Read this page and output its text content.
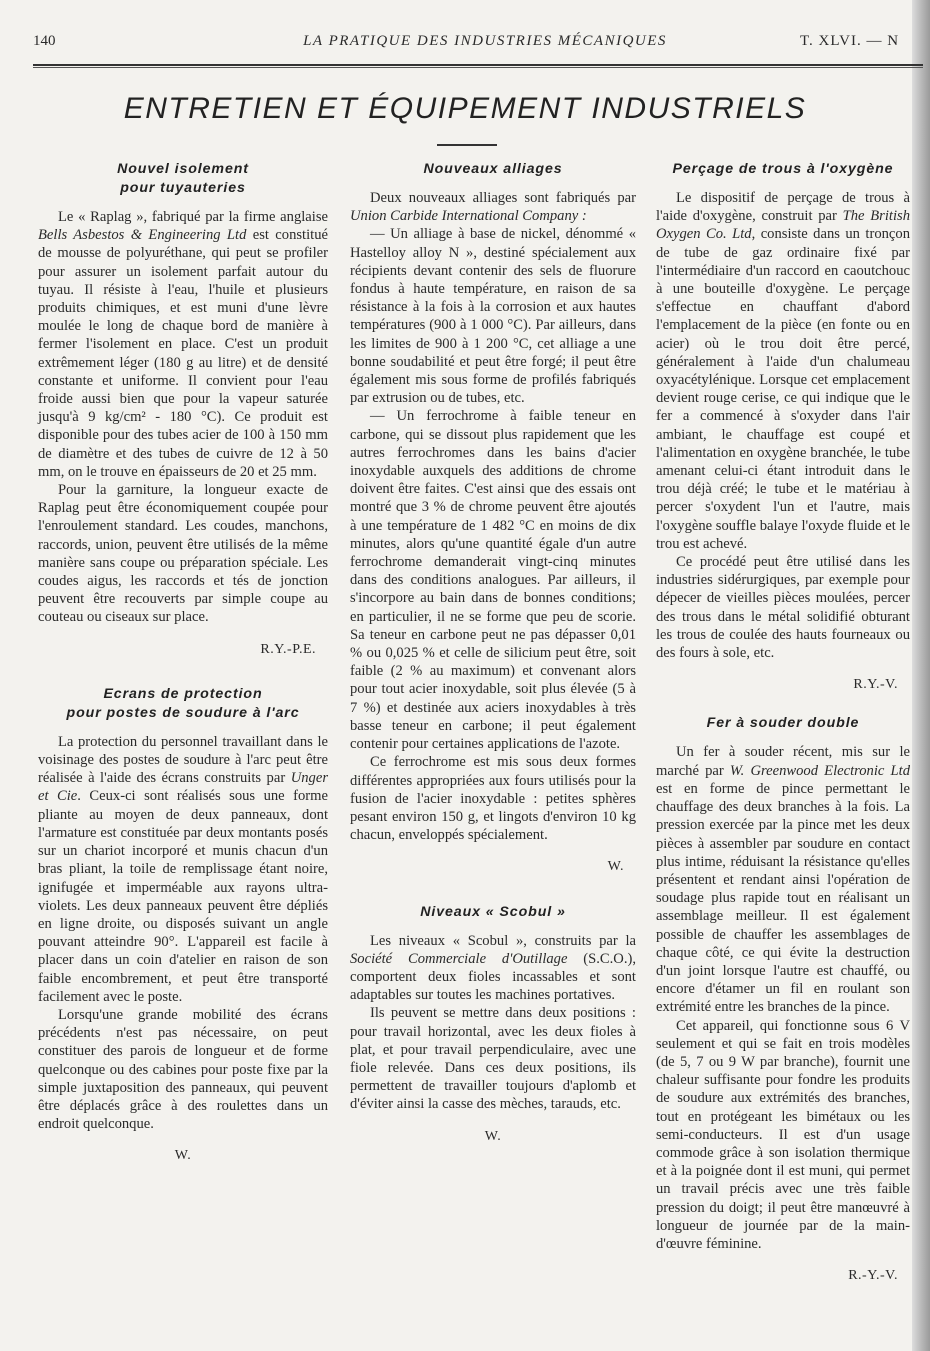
140	LA PRATIQUE DES INDUSTRIES MÉCANIQUES	T. XLVI. — N
ENTRETIEN ET ÉQUIPEMENT INDUSTRIELS
Nouvel isolement
pour tuyauteries

Le « Raplag », fabriqué par la firme anglaise Bells Asbestos & Engineering Ltd est constitué de mousse de polyuréthane, qui peut se profiler pour assurer un isolement parfait autour du tuyau. Il résiste à l'eau, l'huile et plusieurs produits chimiques, et est muni d'une lèvre moulée le long de chaque bord de manière à fermer l'isolement en place. C'est un produit extrêmement léger (180 g au litre) et de densité constante et uniforme. Il convient pour l'eau froide aussi bien que pour la vapeur saturée jusqu'à 9 kg/cm² - 180 °C). Ce produit est disponible pour des tubes acier de 100 à 150 mm de diamètre et des tubes de cuivre de 12 à 50 mm, on le trouve en épaisseurs de 20 et 25 mm.

Pour la garniture, la longueur exacte de Raplag peut être économiquement coupée pour l'enroulement standard. Les coudes, manchons, raccords, union, peuvent être utilisés de la même manière sans coupe ou préparation spéciale. Les coudes aigus, les raccords et tés de jonction peuvent être recouverts par simple coupe au couteau ou ciseaux sur place.

R.Y.-P.E.
Ecrans de protection
pour postes de soudure à l'arc

La protection du personnel travaillant dans le voisinage des postes de soudure à l'arc peut être réalisée à l'aide des écrans construits par Unger et Cie. Ceux-ci sont réalisés sous une forme pliante au moyen de deux panneaux, dont l'armature est constituée par deux montants posés sur un chariot incorporé et munis chacun d'un bras pliant, la toile de remplissage étant noire, ignifugée et imperméable aux rayons ultra-violets. Les deux panneaux peuvent être dépliés en ligne droite, ou disposés suivant un angle pouvant atteindre 90°. L'appareil est facile à placer dans un coin d'atelier en raison de son faible encombrement, et peut être transporté facilement avec le poste.

Lorsqu'une grande mobilité des écrans précédents n'est pas nécessaire, on peut constituer des parois de longueur et de forme quelconque ou des cabines pour poste fixe par la simple juxtaposition des panneaux, qui peuvent être déplacés grâce à des roulettes dans un endroit quelconque.

W.
Nouveaux alliages

Deux nouveaux alliages sont fabriqués par Union Carbide International Company :

— Un alliage à base de nickel, dénommé « Hastelloy alloy N », destiné spécialement aux récipients devant contenir des sels de fluorure fondus à haute température, en raison de sa résistance à la fois à la corrosion et aux hautes températures (900 à 1 000 °C). Par ailleurs, dans les limites de 900 à 1 200 °C, cet alliage a une bonne soudabilité et peut être forgé; il peut être également mis sous forme de profilés fabriqués par extrusion ou de tubes, etc.

— Un ferrochrome à faible teneur en carbone, qui se dissout plus rapidement que les autres ferrochromes dans les bains d'acier inoxydable auxquels des additions de chrome doivent être faites. C'est ainsi que des essais ont montré que 3 % de chrome peuvent être ajoutés à une température de 1 482 °C en moins de dix minutes, alors qu'une quantité égale d'un autre ferrochrome demanderait vingt-cinq minutes dans des conditions analogues. Par ailleurs, il s'incorpore au bain dans de bonnes conditions; en particulier, il ne se forme que peu de scorie. Sa teneur en carbone peut ne pas dépasser 0,01 % ou 0,025 % et celle de silicium peut être, soit faible (2 % au maximum) et convenant alors pour tout acier inoxydable, soit plus élevée (5 à 7 %) et destinée aux aciers inoxydables à très basse teneur en carbone; il peut également contenir pour certaines applications de l'azote.

Ce ferrochrome est mis sous deux formes différentes appropriées aux fours utilisés pour la fusion de l'acier inoxydable : petites sphères pesant environ 150 g, et lingots d'environ 10 kg chacun, enveloppés spécialement.

W.
Niveaux « Scobul »

Les niveaux « Scobul », construits par la Société Commerciale d'Outillage (S.C.O.), comportent deux fioles incassables et sont adaptables sur toutes les machines portatives.

Ils peuvent se mettre dans deux positions : pour travail horizontal, avec les deux fioles à plat, et pour travail perpendiculaire, avec une fiole relevée. Dans ces deux positions, ils permettent de travailler toujours d'aplomb et d'éviter ainsi la casse des mèches, tarauds, etc.

W.
Perçage de trous à l'oxygène

Le dispositif de perçage de trous à l'aide d'oxygène, construit par The British Oxygen Co. Ltd, consiste dans un tronçon de tube de gaz ordinaire fixé par l'intermédiaire d'un raccord en caoutchouc à une bouteille d'oxygène. Le perçage s'effectue en chauffant d'abord l'emplacement de la pièce (en fonte ou en acier) où le trou doit être percé, généralement à l'aide d'un chalumeau oxyacétylénique. Lorsque cet emplacement devient rouge cerise, ce qui indique que le fer a commencé à s'oxyder dans l'air ambiant, le chauffage est coupé et l'alimentation en oxygène branchée, le tube amenant celui-ci étant introduit dans le trou déjà créé; le tube et le matériau à percer s'oxydent l'un et l'autre, mais l'oxygène souffle balaye l'oxyde fluide et le trou est achevé.

Ce procédé peut être utilisé dans les industries sidérurgiques, par exemple pour dépecer de vieilles pièces moulées, percer des trous dans le métal solidifié obturant les trous de coulée des hauts fourneaux ou des fours à sole, etc.

R.Y.-V.
Fer à souder double

Un fer à souder récent, mis sur le marché par W. Greenwood Electronic Ltd est en forme de pince permettant le chauffage des deux branches à la fois. La pression exercée par la pince met les deux pièces à assembler par soudure en contact plus intime, réduisant la résistance qu'elles présentent et rendant ainsi l'opération de soudage plus rapide tout en réalisant un assemblage meilleur. Il est également possible de chauffer les assemblages de chaque côté, ce qui évite la destruction d'un joint lorsque l'autre est chauffé, ou encore d'étamer un fil en roulant son extrémité entre les branches de la pince.

Cet appareil, qui fonctionne sous 6 V seulement et qui se fait en trois modèles (de 5, 7 ou 9 W par branche), fournit une chaleur suffisante pour fondre les produits de soudure aux extrémités des branches, tout en protégeant les bimétaux ou les semi-conducteurs. Il est d'un usage commode grâce à son isolation thermique et à la poignée dont il est muni, qui permet un travail précis avec une très faible pression du doigt; il peut être manœuvré à longueur de journée par de la main-d'œuvre féminine.

R.-Y.-V.
